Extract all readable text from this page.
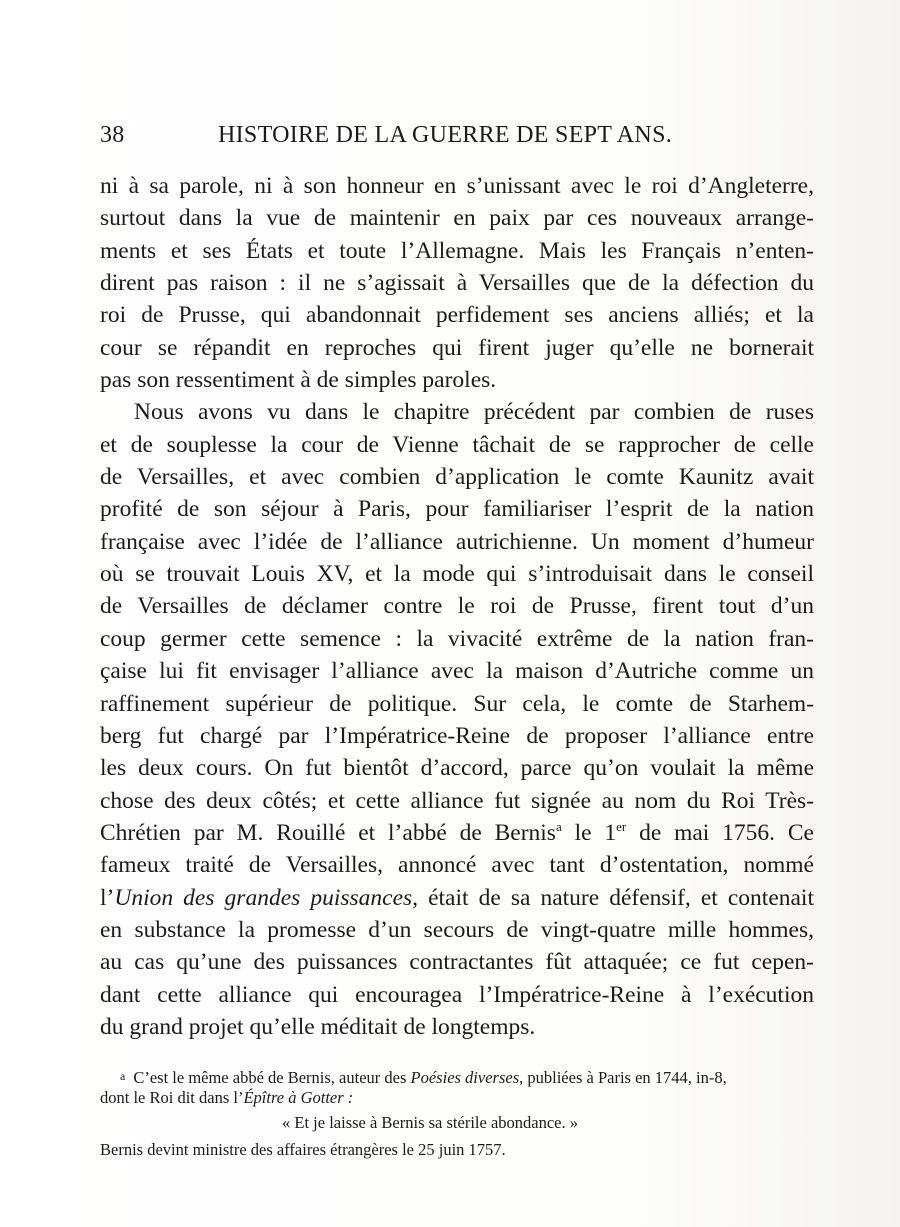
38	HISTOIRE DE LA GUERRE DE SEPT ANS.
ni à sa parole, ni à son honneur en s’unissant avec le roi d’Angleterre,
surtout dans la vue de maintenir en paix par ces nouveaux arrange-
ments et ses États et toute l’Allemagne. Mais les Français n’enten-
dirent pas raison : il ne s’agissait à Versailles que de la défection du
roi de Prusse, qui abandonnait perfidement ses anciens alliés; et la
cour se répandit en reproches qui firent juger qu’elle ne bornerait
pas son ressentiment à de simples paroles.
Nous avons vu dans le chapitre précédent par combien de ruses
et de souplesse la cour de Vienne tâchait de se rapprocher de celle
de Versailles, et avec combien d’application le comte Kaunitz avait
profité de son séjour à Paris, pour familiariser l’esprit de la nation
française avec l’idée de l’alliance autrichienne. Un moment d’humeur
où se trouvait Louis XV, et la mode qui s’introduisait dans le conseil
de Versailles de déclamer contre le roi de Prusse, firent tout d’un
coup germer cette semence : la vivacité extrême de la nation fran-
çaise lui fit envisager l’alliance avec la maison d’Autriche comme un
raffinement supérieur de politique. Sur cela, le comte de Starhem-
berg fut chargé par l’Impératrice-Reine de proposer l’alliance entre
les deux cours. On fut bientôt d’accord, parce qu’on voulait la même
chose des deux côtés; et cette alliance fut signée au nom du Roi Très-
Chrétien par M. Rouillé et l’abbé de Bernis$^a$ le 1er de mai 1756. Ce
fameux traité de Versailles, annoncé avec tant d’ostentation, nommé
l’Union des grandes puissances, était de sa nature défensif, et contenait
en substance la promesse d’un secours de vingt-quatre mille hommes,
au cas qu’une des puissances contractantes fût attaquée; ce fut cepen-
dant cette alliance qui encouragea l’Impératrice-Reine à l’exécution
du grand projet qu’elle méditait de longtemps.
a C’est le même abbé de Bernis, auteur des Poésies diverses, publiées à Paris en 1744, in-8,
dont le Roi dit dans l’Épître à Gotter :
« Et je laisse à Bernis sa stérile abondance. »
Bernis devint ministre des affaires étrangères le 25 juin 1757.
